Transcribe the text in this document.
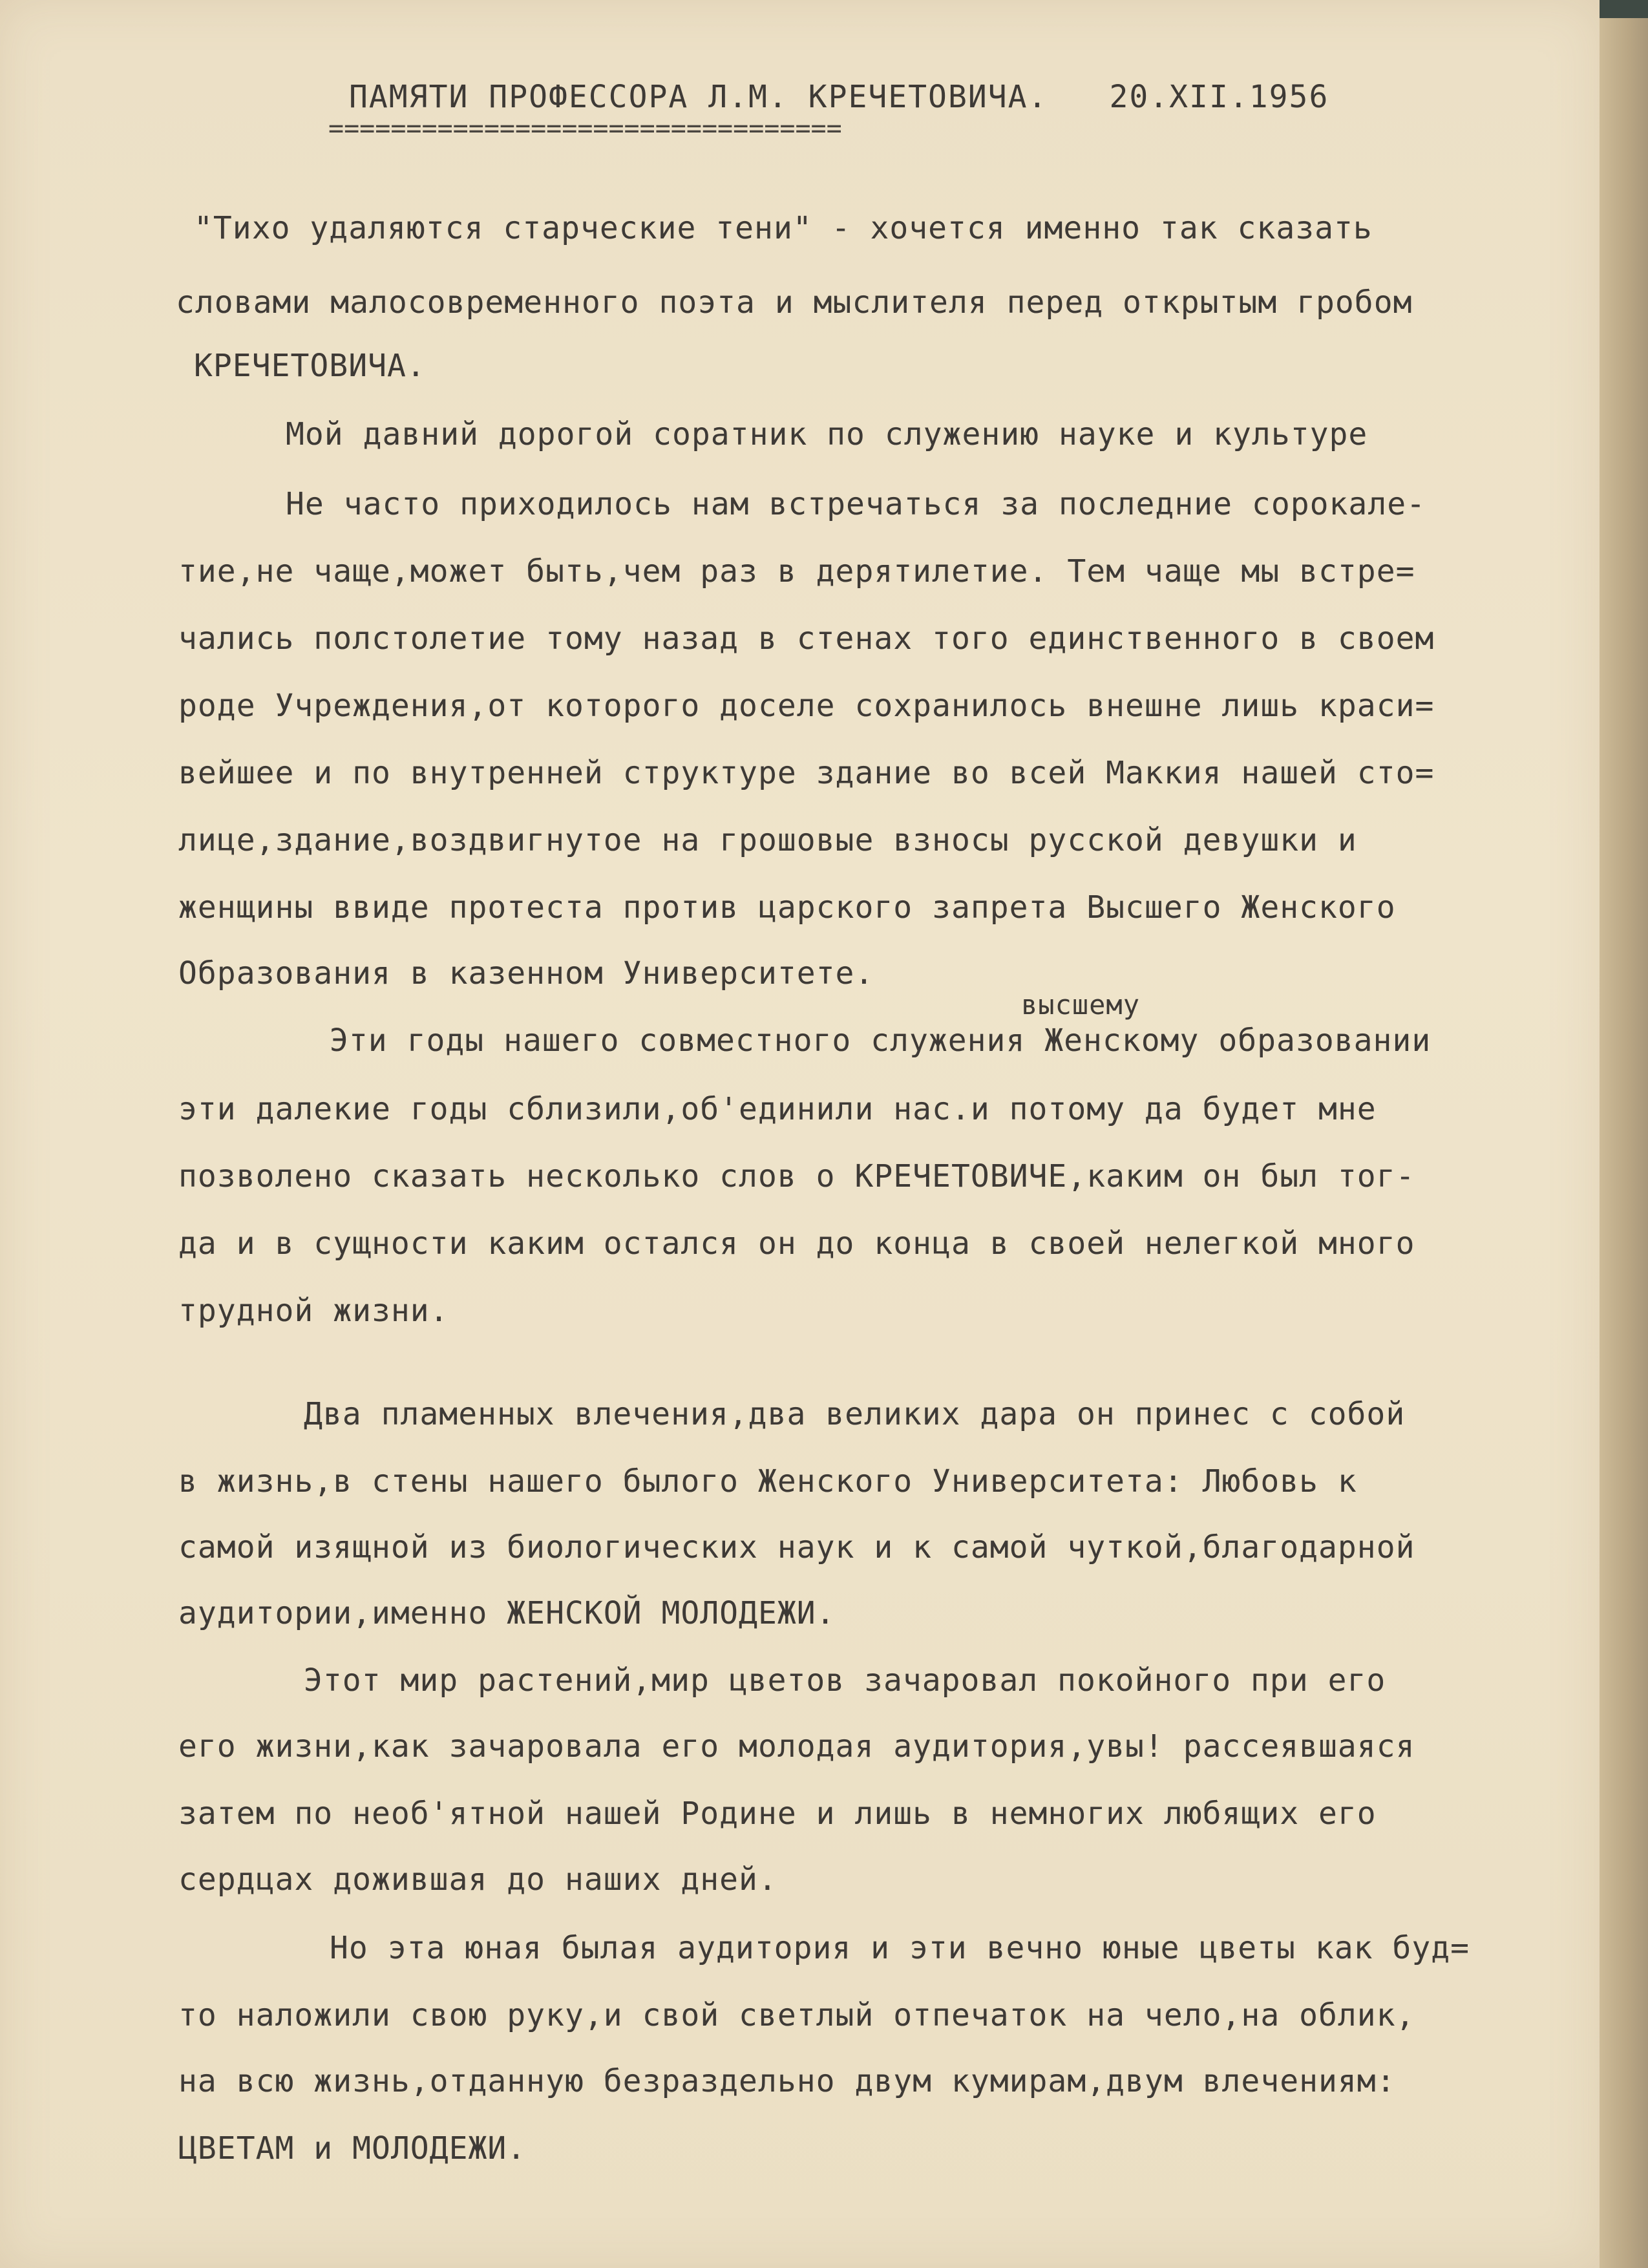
ПАМЯТИ ПРОФЕССОРА Л.М. КРЕЧЕТОВИЧА. 20.XII.1956
=================================
"Тихо удаляются старческие тени" - хочется именно так сказать
словами малосовременного поэта и мыслителя перед открытым гробом
КРЕЧЕТОВИЧА.
Мой давний дорогой соратник по служению науке и культуре
Не часто приходилось нам встречаться за последние сорокале-
тие,не чаще,может быть,чем раз в деpятилетие. Тем чаще мы встре=
чались полстолетие тому назад в стенах того единственного в своем
роде Учреждения,от которого доселе сохранилось внешне лишь краси=
вейшее и по внутренней структуре здание во всей Маккия нашей сто=
лице,здание,воздвигнутое на грошовые взносы русской девушки и
женщины ввиде протеста против царского запрета Высшего Женского
Образования в казенном Университете.
высшему
Эти годы нашего совместного служения Женскому образовании
эти далекие годы сблизили,об'единили нас.и потому да будет мне
позволено сказать несколько слов о КРЕЧЕТОВИЧЕ,каким он был тог-
да и в сущности каким остался он до конца в своей нелегкой много
трудной жизни.
Два пламенных влечения,два великих дара он принес с собой
в жизнь,в стены нашего былого Женского Университета: Любовь к
самой изящной из биологических наук и к самой чуткой,благодарной
аудитории,именно ЖЕНСКОЙ МОЛОДЕЖИ.
Этот мир растений,мир цветов зачаровал покойного при его
его жизни,как зачаровала его молодая аудитория,увы! рассеявшаяся
затем по необ'ятной нашей Родине и лишь в немногих любящих его
сердцах дожившая до наших дней.
Но эта юная былая аудитория и эти вечно юные цветы как буд=
то наложили свою руку,и свой светлый отпечаток на чело,на облик,
на всю жизнь,отданную безраздельно двум кумирам,двум влечениям:
ЦВЕТАМ и МОЛОДЕЖИ.
